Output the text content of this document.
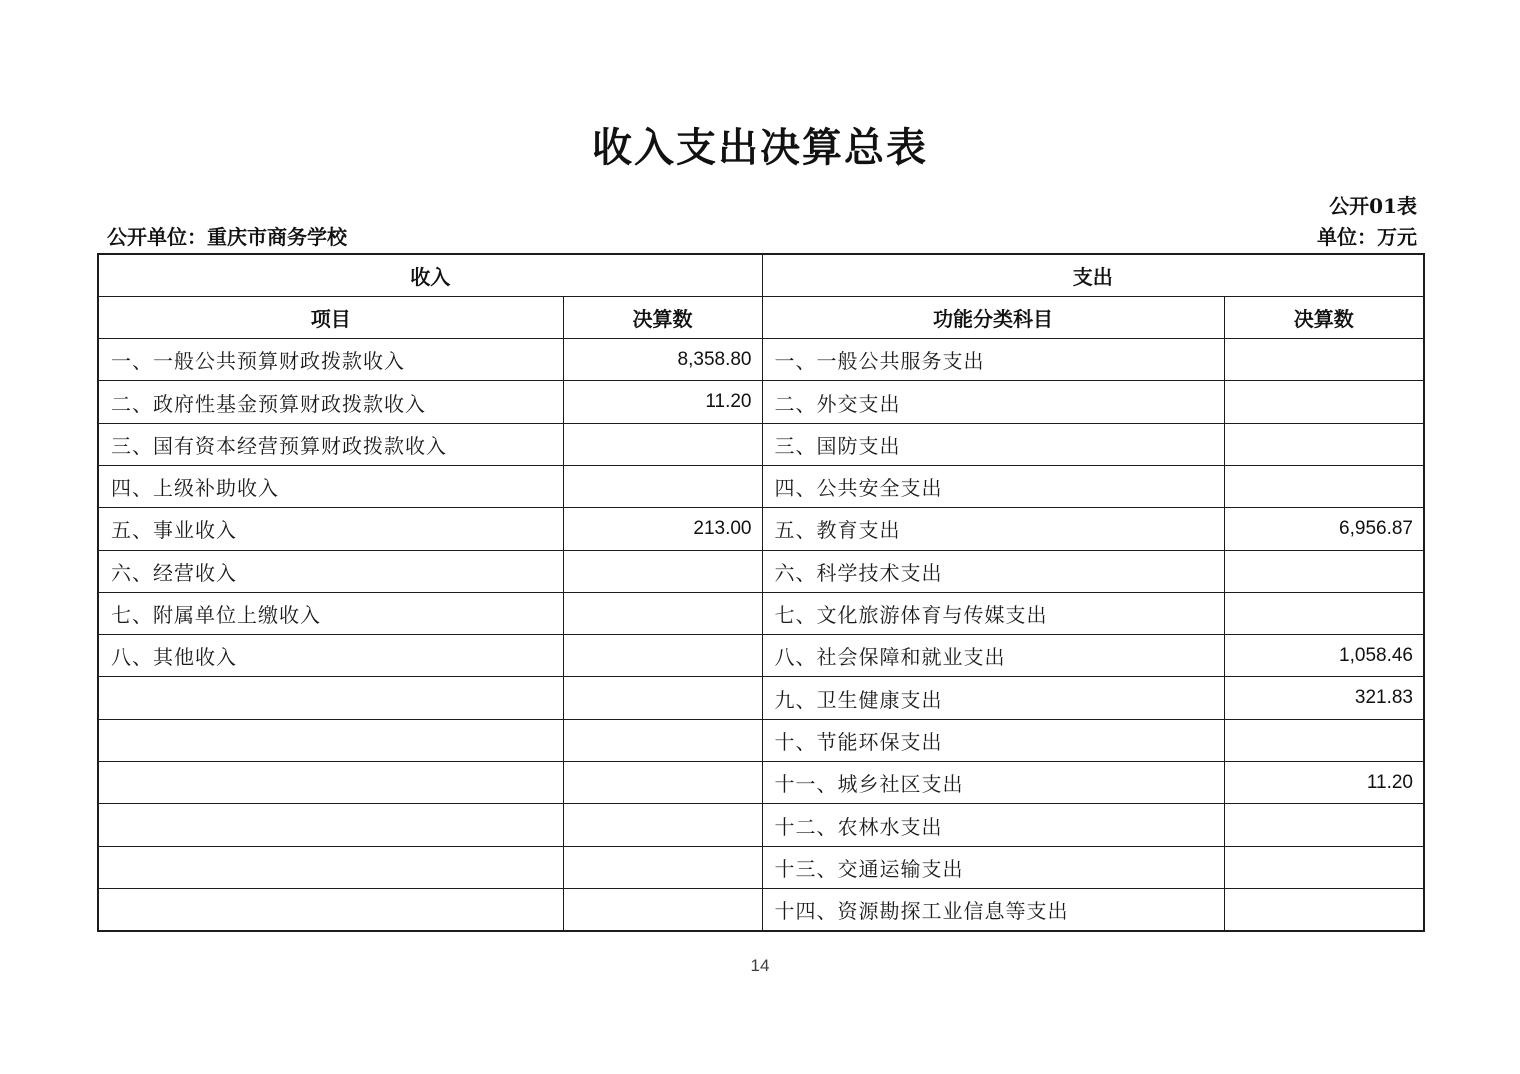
收入支出决算总表
公开01表
公开单位：重庆市商务学校	单位：万元
收入		支出	
项目	决算数	功能分类科目	决算数
一、一般公共预算财政拨款收入	8,358.80	一、一般公共服务支出	
二、政府性基金预算财政拨款收入	11.20	二、外交支出	
三、国有资本经营预算财政拨款收入		三、国防支出	
四、上级补助收入		四、公共安全支出	
五、事业收入	213.00	五、教育支出	6,956.87
六、经营收入		六、科学技术支出	
七、附属单位上缴收入		七、文化旅游体育与传媒支出	
八、其他收入		八、社会保障和就业支出	1,058.46
		九、卫生健康支出	321.83
		十、节能环保支出	
		十一、城乡社区支出	11.20
		十二、农林水支出	
		十三、交通运输支出	
		十四、资源勘探工业信息等支出	
14
